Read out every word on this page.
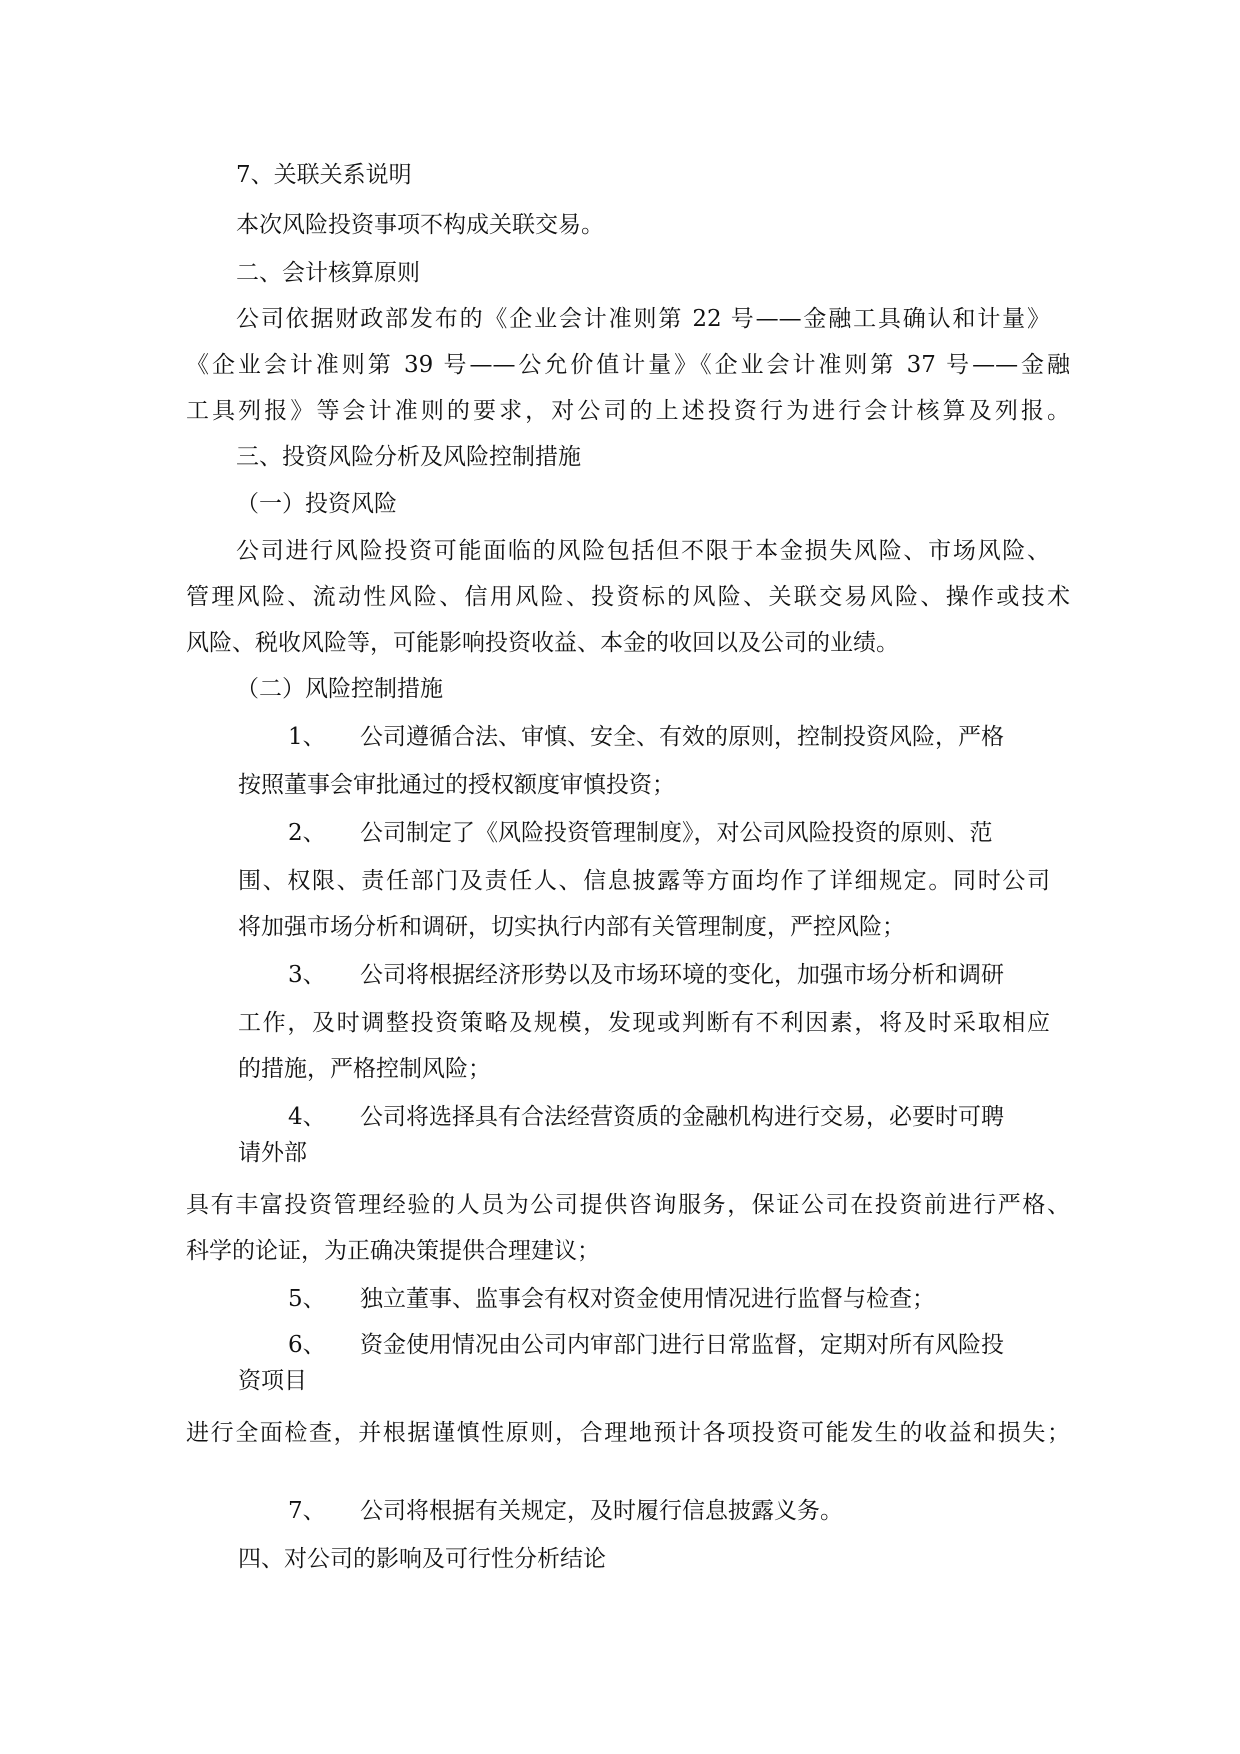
7、关联关系说明

本次风险投资事项不构成关联交易。

二、会计核算原则

公司依据财政部发布的《企业会计准则第 22 号——金融工具确认和计量》

《企业会计准则第 39 号——公允价值计量》《企业会计准则第 37 号——金融

工具列报》等会计准则的要求，对公司的上述投资行为进行会计核算及列报。

三、投资风险分析及风险控制措施

（一）投资风险

公司进行风险投资可能面临的风险包括但不限于本金损失风险、市场风险、

管理风险、流动性风险、信用风险、投资标的风险、关联交易风险、操作或技术

风险、税收风险等，可能影响投资收益、本金的收回以及公司的业绩。

（二）风险控制措施

1、 公司遵循合法、审慎、安全、有效的原则，控制投资风险，严格

按照董事会审批通过的授权额度审慎投资；

2、 公司制定了《风险投资管理制度》，对公司风险投资的原则、范

围、权限、责任部门及责任人、信息披露等方面均作了详细规定。同时公司

将加强市场分析和调研，切实执行内部有关管理制度，严控风险；

3、 公司将根据经济形势以及市场环境的变化，加强市场分析和调研

工作，及时调整投资策略及规模，发现或判断有不利因素，将及时采取相应

的措施，严格控制风险；

4、 公司将选择具有合法经营资质的金融机构进行交易，必要时可聘

请外部

具有丰富投资管理经验的人员为公司提供咨询服务，保证公司在投资前进行严格、

科学的论证，为正确决策提供合理建议；

5、 独立董事、监事会有权对资金使用情况进行监督与检查；

6、 资金使用情况由公司内审部门进行日常监督，定期对所有风险投

资项目

进行全面检查，并根据谨慎性原则，合理地预计各项投资可能发生的收益和损失；

7、 公司将根据有关规定，及时履行信息披露义务。

四、对公司的影响及可行性分析结论
